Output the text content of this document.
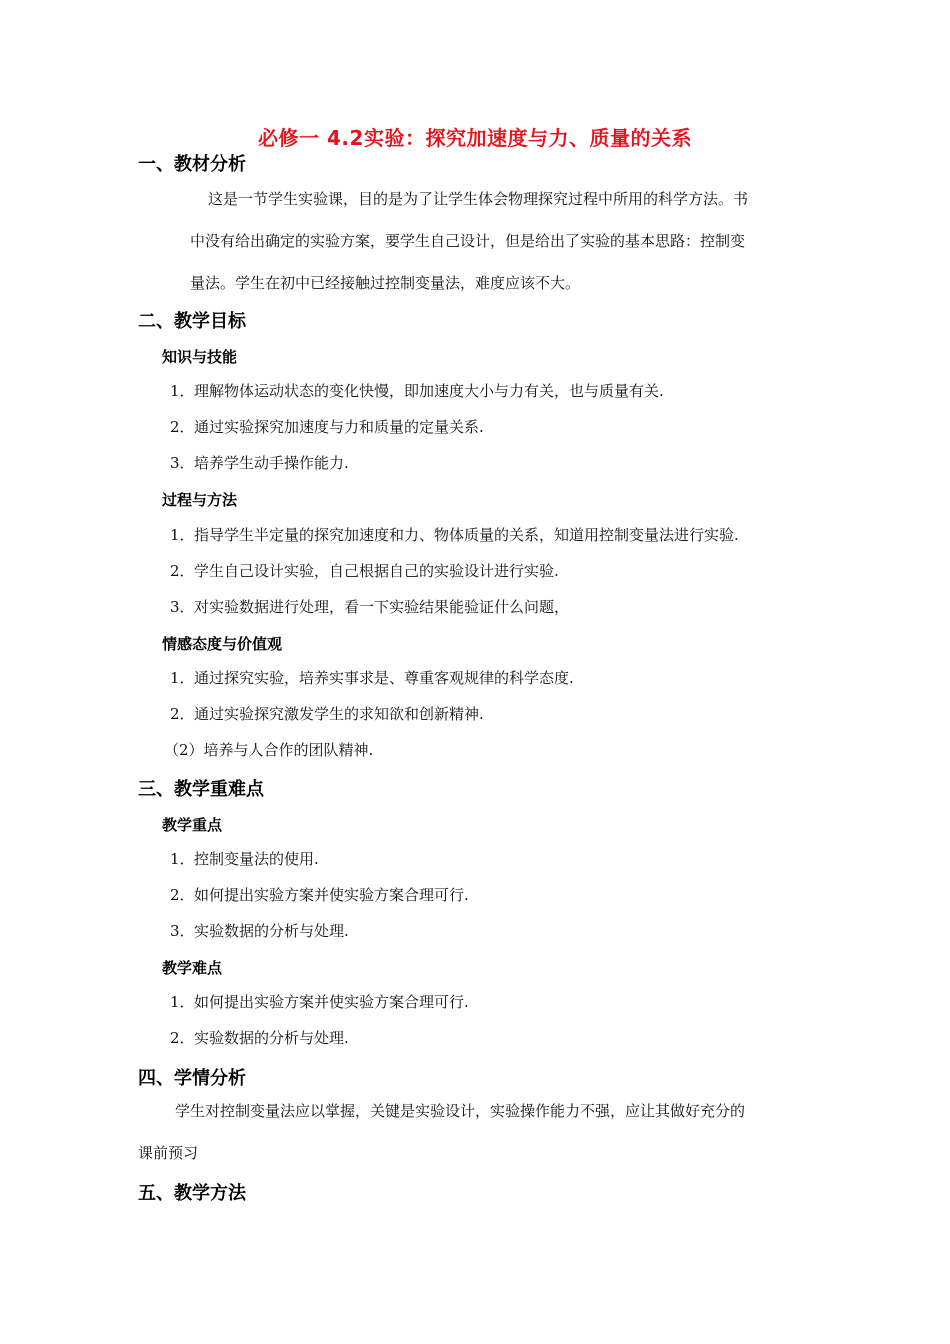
必修一 4.2实验：探究加速度与力、质量的关系
一、教材分析
这是一节学生实验课，目的是为了让学生体会物理探究过程中所用的科学方法。书
中没有给出确定的实验方案，要学生自己设计，但是给出了实验的基本思路：控制变
量法。学生在初中已经接触过控制变量法，难度应该不大。
二、教学目标
知识与技能
1．理解物体运动状态的变化快慢，即加速度大小与力有关，也与质量有关.
2．通过实验探究加速度与力和质量的定量关系.
3．培养学生动手操作能力.
过程与方法
1．指导学生半定量的探究加速度和力、物体质量的关系，知道用控制变量法进行实验.
2．学生自己设计实验，自己根据自己的实验设计进行实验.
3．对实验数据进行处理，看一下实验结果能验证什么问题，
情感态度与价值观
1．通过探究实验，培养实事求是、尊重客观规律的科学态度.
2．通过实验探究激发学生的求知欲和创新精神.
（2）培养与人合作的团队精神.
三、教学重难点
教学重点
1．控制变量法的使用.
2．如何提出实验方案并使实验方案合理可行.
3．实验数据的分析与处理.
教学难点
1．如何提出实验方案并使实验方案合理可行.
2．实验数据的分析与处理.
四、学情分析
学生对控制变量法应以掌握，关键是实验设计，实验操作能力不强，应让其做好充分的
课前预习
五、教学方法
